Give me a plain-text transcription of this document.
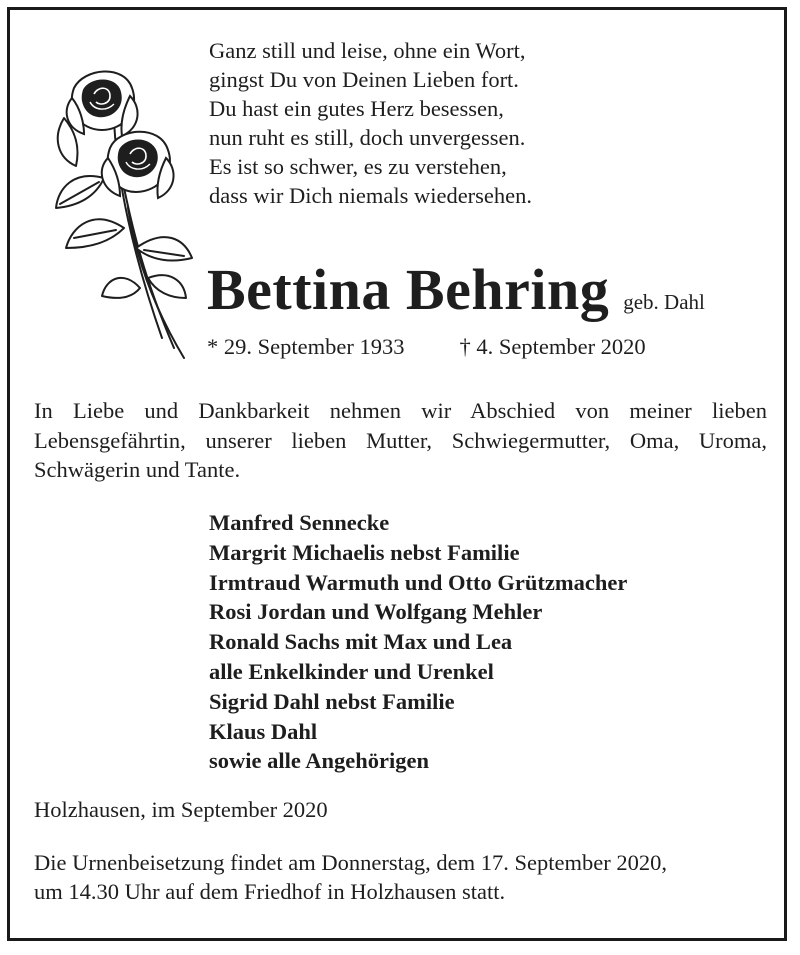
Ganz still und leise, ohne ein Wort,
gingst Du von Deinen Lieben fort.
Du hast ein gutes Herz besessen,
nun ruht es still, doch unvergessen.
Es ist so schwer, es zu verstehen,
dass wir Dich niemals wiedersehen.
Bettina Behring geb. Dahl
* 29. September 1933 † 4. September 2020

In Liebe und Dankbarkeit nehmen wir Abschied von meiner lieben Lebensgefährtin, unserer lieben Mutter, Schwiegermutter, Oma, Uroma, Schwägerin und Tante.

Manfred Sennecke
Margrit Michaelis nebst Familie
Irmtraud Warmuth und Otto Grützmacher
Rosi Jordan und Wolfgang Mehler
Ronald Sachs mit Max und Lea
alle Enkelkinder und Urenkel
Sigrid Dahl nebst Familie
Klaus Dahl
sowie alle Angehörigen
Holzhausen, im September 2020

Die Urnenbeisetzung findet am Donnerstag, dem 17. September 2020,
um 14.30 Uhr auf dem Friedhof in Holzhausen statt.
